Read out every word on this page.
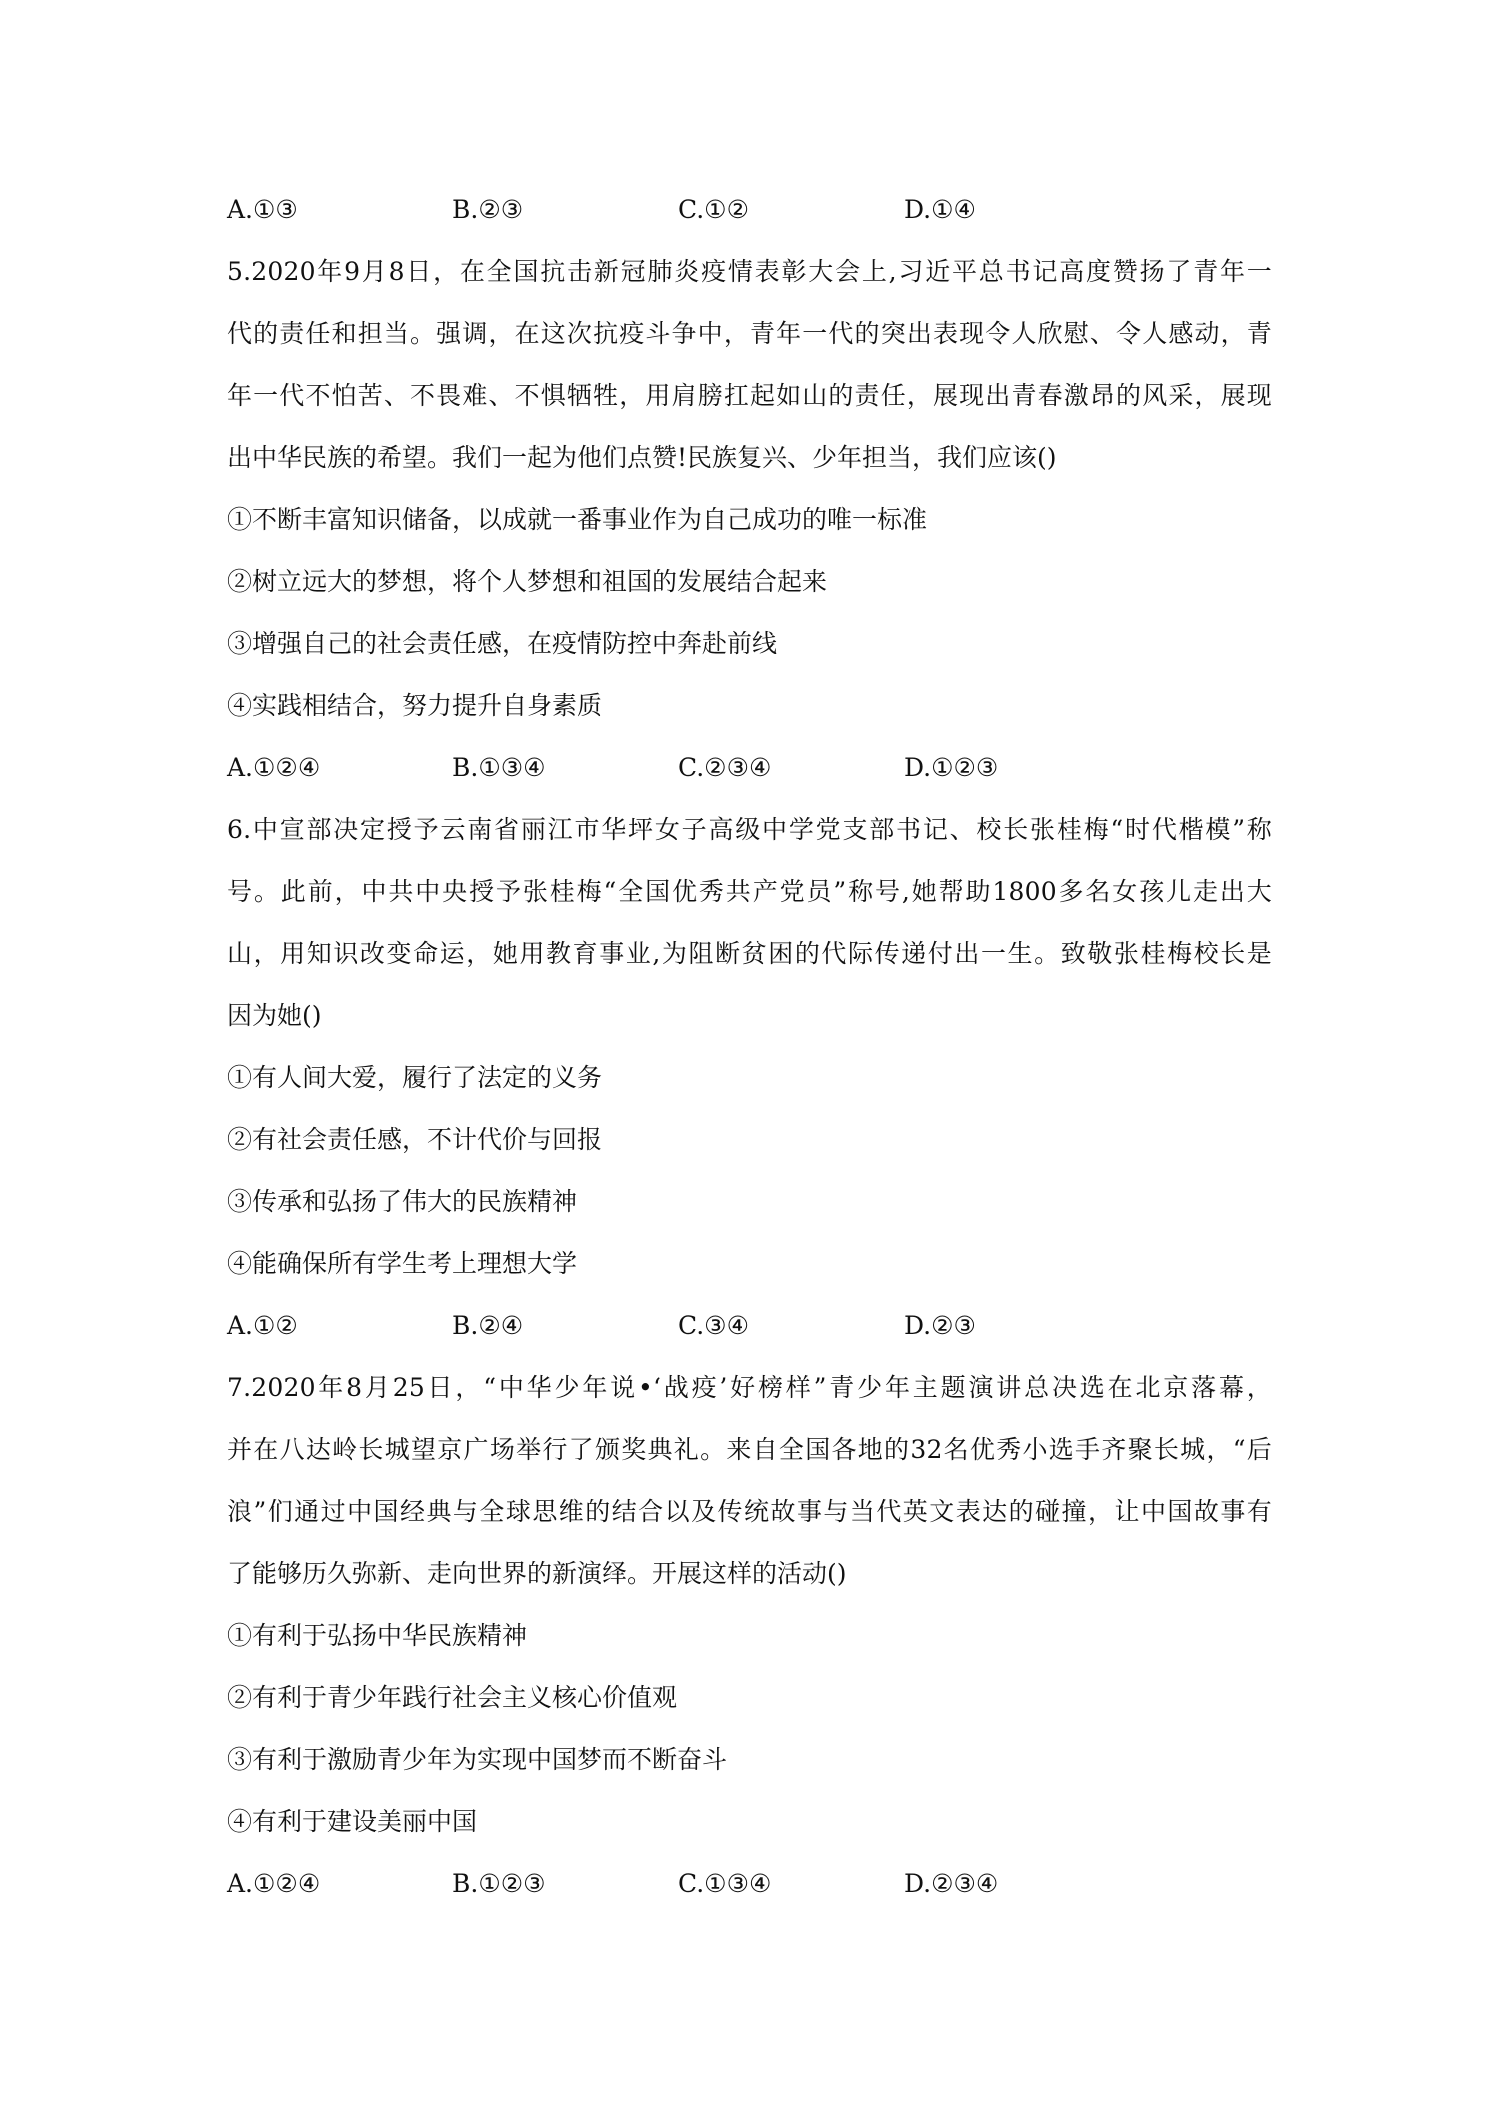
A.①③	B.②③	C.①②	D.①④
5.2020年9月8日，在全国抗击新冠肺炎疫情表彰大会上,习近平总书记高度赞扬了青年一
代的责任和担当。强调，在这次抗疫斗争中，青年一代的突出表现令人欣慰、令人感动，青
年一代不怕苦、不畏难、不惧牺牲，用肩膀扛起如山的责任，展现出青春激昂的风采，展现
出中华民族的希望。我们一起为他们点赞!民族复兴、少年担当，我们应该()
①不断丰富知识储备，以成就一番事业作为自己成功的唯一标准
②树立远大的梦想，将个人梦想和祖国的发展结合起来
③增强自己的社会责任感，在疫情防控中奔赴前线
④实践相结合，努力提升自身素质
A.①②④	B.①③④	C.②③④	D.①②③
6.中宣部决定授予云南省丽江市华坪女子高级中学党支部书记、校长张桂梅“时代楷模”称
号。此前，中共中央授予张桂梅“全国优秀共产党员”称号,她帮助1800多名女孩儿走出大
山，用知识改变命运，她用教育事业,为阻断贫困的代际传递付出一生。致敬张桂梅校长是
因为她()
①有人间大爱，履行了法定的义务
②有社会责任感，不计代价与回报
③传承和弘扬了伟大的民族精神
④能确保所有学生考上理想大学
A.①②	B.②④	C.③④	D.②③
7.2020年8月25日，“中华少年说•‘战疫’好榜样”青少年主题演讲总决选在北京落幕，
并在八达岭长城望京广场举行了颁奖典礼。来自全国各地的32名优秀小选手齐聚长城，“后
浪”们通过中国经典与全球思维的结合以及传统故事与当代英文表达的碰撞，让中国故事有
了能够历久弥新、走向世界的新演绎。开展这样的活动()
①有利于弘扬中华民族精神
②有利于青少年践行社会主义核心价值观
③有利于激励青少年为实现中国梦而不断奋斗
④有利于建设美丽中国
A.①②④	B.①②③	C.①③④	D.②③④
